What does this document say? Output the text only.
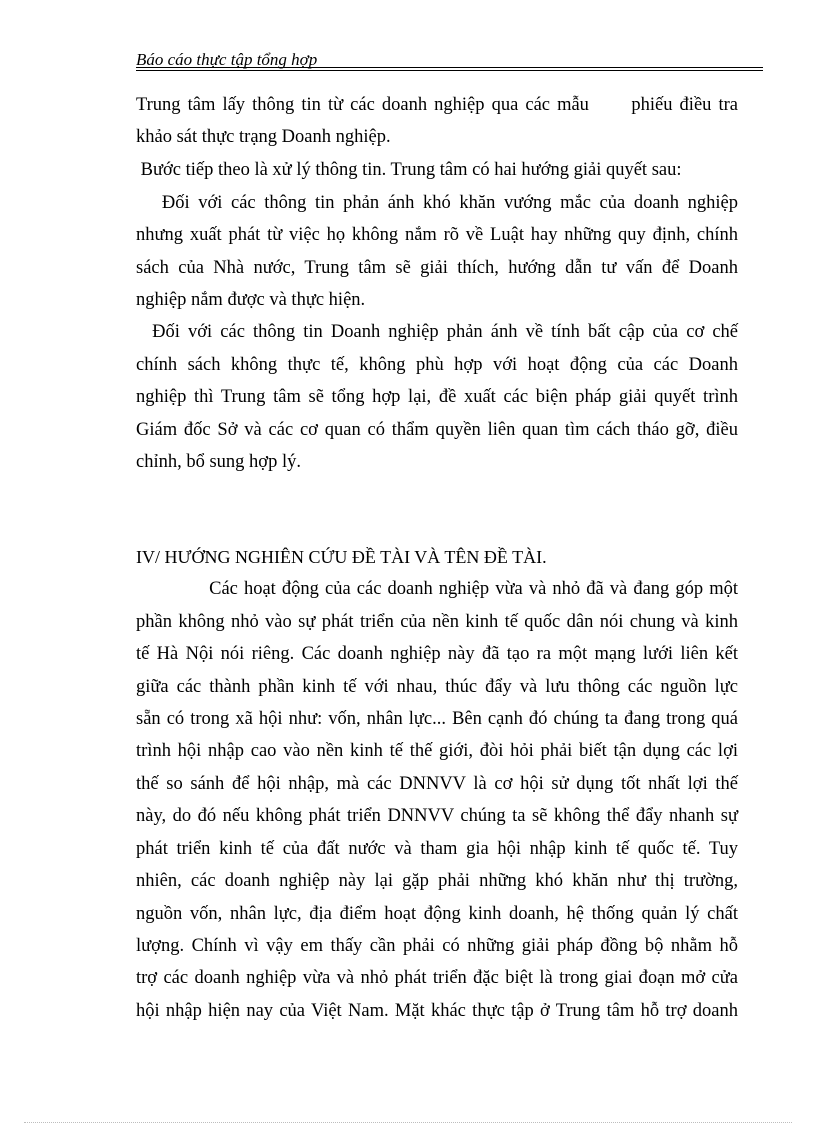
Báo cáo thực tập tổng hợp
Trung tâm lấy thông tin từ các doanh nghiệp qua các mẫu      phiếu điều tra
khảo sát thực trạng Doanh nghiệp.
Bước tiếp theo là xử lý thông tin. Trung tâm có hai hướng giải quyết sau:
Đối với các thông tin phản ánh khó khăn vướng mắc của doanh nghiệp
nhưng xuất phát từ việc họ không nắm rõ về Luật hay những quy định, chính
sách của Nhà nước, Trung tâm sẽ giải thích, hướng dẫn tư vấn để Doanh
nghiệp nắm được và thực hiện.
Đối với các thông tin Doanh nghiệp phản ánh về tính bất cập của cơ chế
chính sách không thực tế, không phù hợp với hoạt động của các Doanh
nghiệp thì Trung tâm sẽ tổng hợp lại, đề xuất các biện pháp giải quyết trình
Giám đốc Sở và các cơ quan có thẩm quyền liên quan tìm cách tháo gỡ, điều
chỉnh, bổ sung hợp lý.
IV/ HƯỚNG NGHIÊN CỨU ĐỀ TÀI VÀ TÊN ĐỀ TÀI.
Các hoạt động của các doanh nghiệp vừa và nhỏ đã và đang góp một
phần không nhỏ vào sự phát triển của nền kinh tế quốc dân nói chung và kinh
tế Hà Nội nói riêng. Các doanh nghiệp này đã tạo ra một mạng lưới liên kết
giữa các thành phần kinh tế với nhau, thúc đẩy và lưu thông các nguồn lực
sẵn có trong xã hội như: vốn, nhân lực... Bên cạnh đó chúng ta đang trong quá
trình hội nhập cao vào nền kinh tế thế giới, đòi hỏi phải biết tận dụng các lợi
thế so sánh để hội nhập, mà các DNNVV là cơ hội sử dụng tốt nhất lợi thế
này, do đó nếu không phát triển DNNVV chúng ta sẽ không thể đẩy nhanh sự
phát triển kinh tế của đất nước và tham gia hội nhập kinh tế quốc tế. Tuy
nhiên, các doanh nghiệp này lại gặp phải những khó khăn như thị trường,
nguồn vốn, nhân lực, địa điểm hoạt động kinh doanh, hệ thống quản lý chất
lượng. Chính vì vậy em thấy cần phải có những giải pháp đồng bộ nhằm hỗ
trợ các doanh nghiệp vừa và nhỏ phát triển đặc biệt là trong giai đoạn mở cửa
hội nhập hiện nay của Việt Nam. Mặt khác thực tập ở Trung tâm hỗ trợ doanh
